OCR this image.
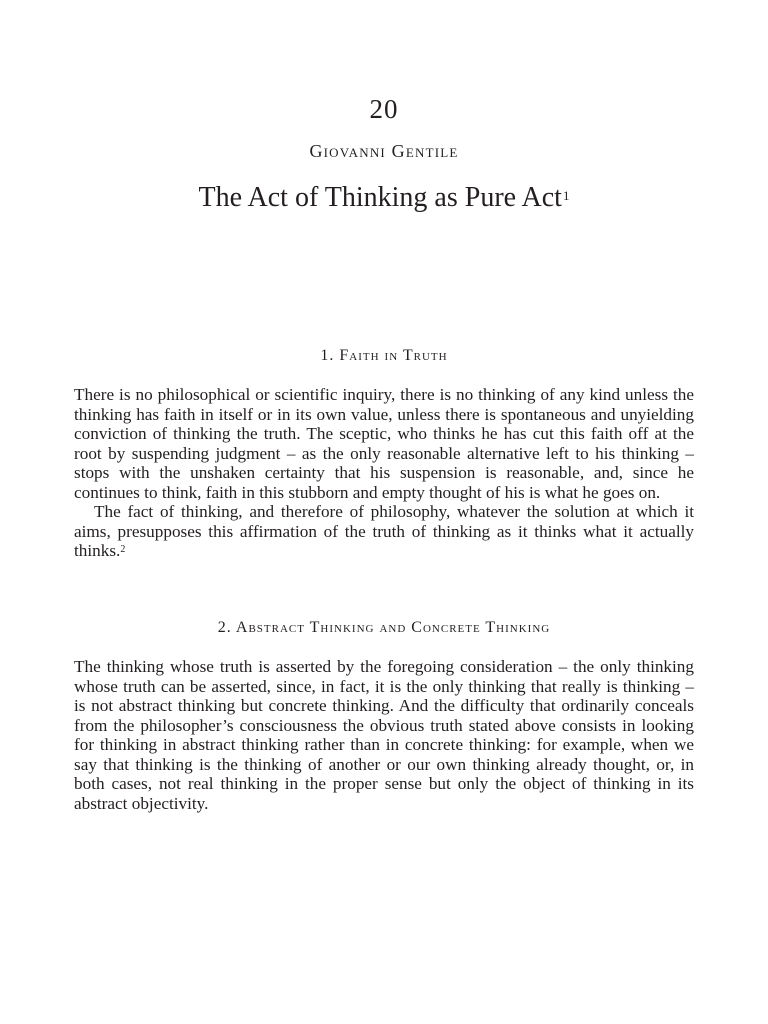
20
Giovanni Gentile
The Act of Thinking as Pure Act$^1$
1. Faith in Truth

There is no philosophical or scientific inquiry, there is no thinking of any kind unless the thinking has faith in itself or in its own value, unless there is spontaneous and unyielding conviction of thinking the truth. The sceptic, who thinks he has cut this faith off at the root by suspending judgment – as the only reasonable alternative left to his thinking – stops with the unshaken certainty that his suspension is reasonable, and, since he continues to think, faith in this stubborn and empty thought of his is what he goes on.

The fact of thinking, and therefore of philosophy, whatever the solution at which it aims, presupposes this affirmation of the truth of thinking as it thinks what it actually thinks.$^2$

2. Abstract Thinking and Concrete Thinking

The thinking whose truth is asserted by the foregoing consideration – the only thinking whose truth can be asserted, since, in fact, it is the only thinking that really is thinking – is not abstract thinking but concrete thinking. And the difficulty that ordinarily conceals from the philosopher’s consciousness the obvious truth stated above consists in looking for thinking in abstract thinking rather than in concrete thinking: for example, when we say that thinking is the thinking of another or our own thinking already thought, or, in both cases, not real thinking in the proper sense but only the object of thinking in its abstract objectivity.
